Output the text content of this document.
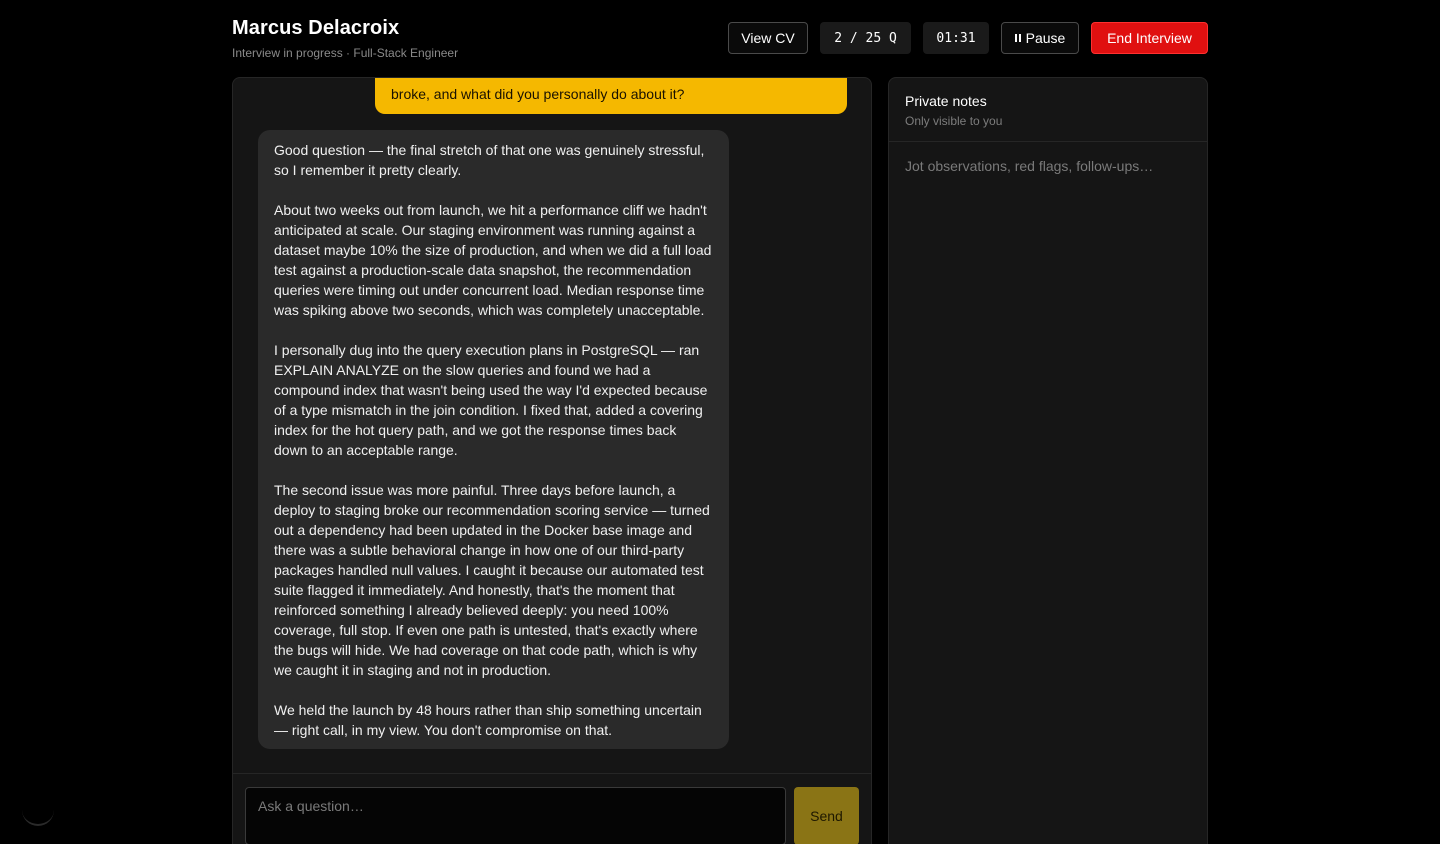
Marcus Delacroix
Interview in progress · Full-Stack Engineer
View CV	2 / 25 Q	01:31	Pause	End Interview
broke, and what did you personally do about it?

Good question — the final stretch of that one was genuinely stressful, so I remember it pretty clearly.

About two weeks out from launch, we hit a performance cliff we hadn't anticipated at scale. Our staging environment was running against a dataset maybe 10% the size of production, and when we did a full load test against a production-scale data snapshot, the recommendation queries were timing out under concurrent load. Median response time was spiking above two seconds, which was completely unacceptable.

I personally dug into the query execution plans in PostgreSQL — ran EXPLAIN ANALYZE on the slow queries and found we had a compound index that wasn't being used the way I'd expected because of a type mismatch in the join condition. I fixed that, added a covering index for the hot query path, and we got the response times back down to an acceptable range.

The second issue was more painful. Three days before launch, a deploy to staging broke our recommendation scoring service — turned out a dependency had been updated in the Docker base image and there was a subtle behavioral change in how one of our third-party packages handled null values. I caught it because our automated test suite flagged it immediately. And honestly, that's the moment that reinforced something I already believed deeply: you need 100% coverage, full stop. If even one path is untested, that's exactly where the bugs will hide. We had coverage on that code path, which is why we caught it in staging and not in production.

We held the launch by 48 hours rather than ship something uncertain — right call, in my view. You don't compromise on that.

Ask a question…
Send
Private notes
Only visible to you
Jot observations, red flags, follow-ups…
